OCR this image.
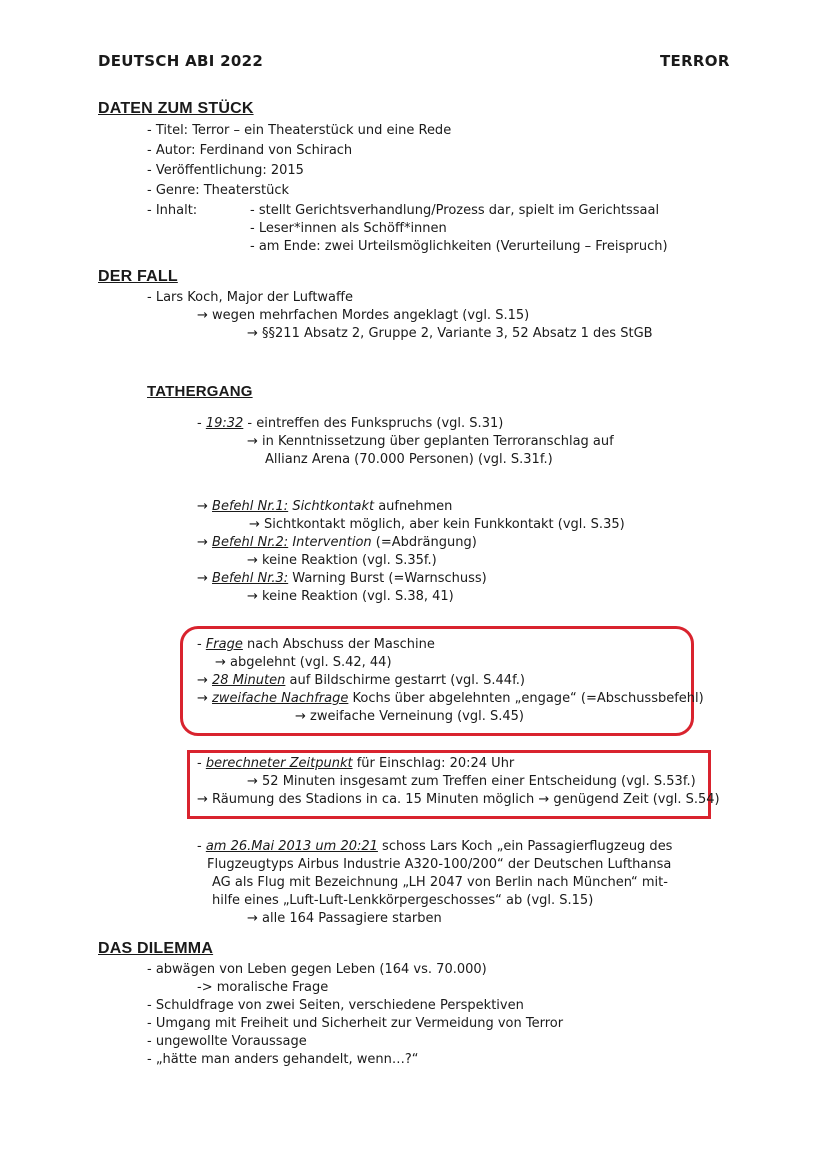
DEUTSCH ABI 2022	TERROR
DATEN ZUM STÜCK
- Titel: Terror – ein Theaterstück und eine Rede
- Autor: Ferdinand von Schirach
- Veröffentlichung: 2015
- Genre: Theaterstück
- Inhalt:	- stellt Gerichtsverhandlung/Prozess dar, spielt im Gerichtssaal
- Leser*innen als Schöff*innen
- am Ende: zwei Urteilsmöglichkeiten (Verurteilung – Freispruch)
DER FALL
- Lars Koch, Major der Luftwaffe
→ wegen mehrfachen Mordes angeklagt (vgl. S.15)
→ §§211 Absatz 2, Gruppe 2, Variante 3, 52 Absatz 1 des StGB
TATHERGANG
- 19:32 - eintreffen des Funkspruchs (vgl. S.31)
→ in Kenntnissetzung über geplanten Terroranschlag auf
Allianz Arena (70.000 Personen) (vgl. S.31f.)
→ Befehl Nr.1: Sichtkontakt aufnehmen
→ Sichtkontakt möglich, aber kein Funkkontakt (vgl. S.35)
→ Befehl Nr.2: Intervention (=Abdrängung)
→ keine Reaktion (vgl. S.35f.)
→ Befehl Nr.3: Warning Burst (=Warnschuss)
→ keine Reaktion (vgl. S.38, 41)
- Frage nach Abschuss der Maschine
→ abgelehnt (vgl. S.42, 44)
→ 28 Minuten auf Bildschirme gestarrt (vgl. S.44f.)
→ zweifache Nachfrage Kochs über abgelehnten „engage“ (=Abschussbefehl)
→ zweifache Verneinung (vgl. S.45)
- berechneter Zeitpunkt für Einschlag: 20:24 Uhr
→ 52 Minuten insgesamt zum Treffen einer Entscheidung (vgl. S.53f.)
→ Räumung des Stadions in ca. 15 Minuten möglich → genügend Zeit (vgl. S.54)
- am 26.Mai 2013 um 20:21 schoss Lars Koch „ein Passagierflugzeug des
Flugzeugtyps Airbus Industrie A320-100/200“ der Deutschen Lufthansa
AG als Flug mit Bezeichnung „LH 2047 von Berlin nach München“ mit-
hilfe eines „Luft-Luft-Lenkkörpergeschosses“ ab (vgl. S.15)
→ alle 164 Passagiere starben
DAS DILEMMA
- abwägen von Leben gegen Leben (164 vs. 70.000)
-> moralische Frage
- Schuldfrage von zwei Seiten, verschiedene Perspektiven
- Umgang mit Freiheit und Sicherheit zur Vermeidung von Terror
- ungewollte Voraussage
- „hätte man anders gehandelt, wenn…?“
